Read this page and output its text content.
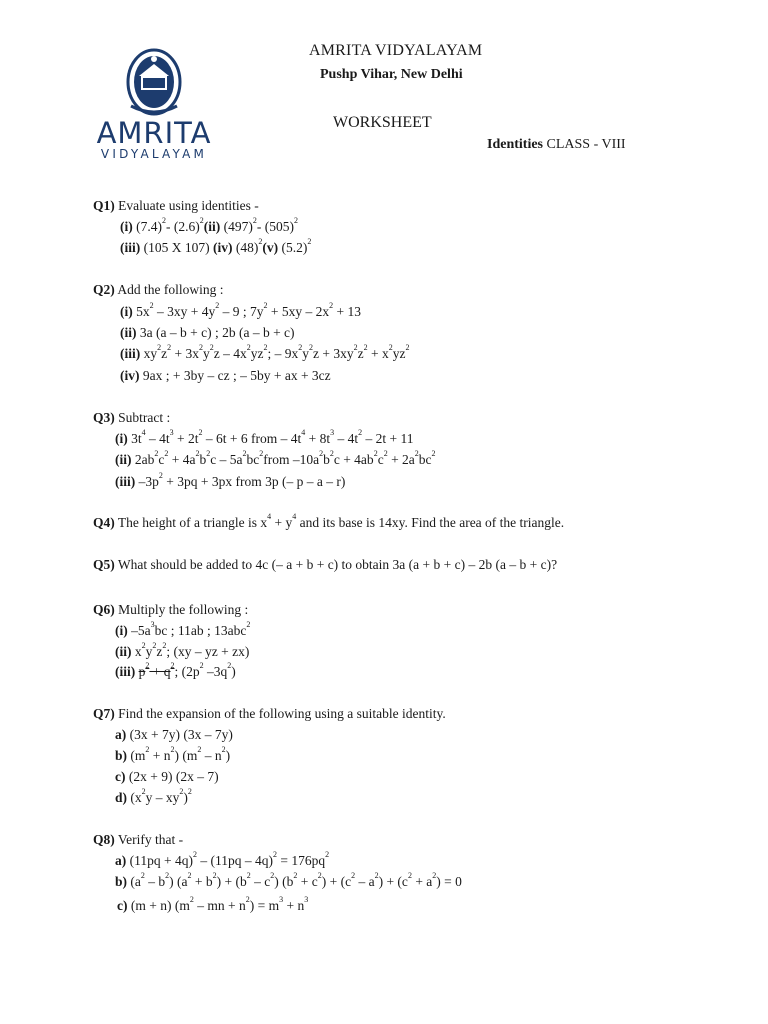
AMRITA
VIDYALAYAM
AMRITA VIDYALAYAM
Pushp Vihar, New Delhi
WORKSHEET
Identities CLASS - VIII
Q1) Evaluate using identities -
(i) $(7.4)^2-$ $(2.6)^2(ii)$ $(497)^2-$ $(505)^2$
(iii) (105 X 107) (iv) $(48)^2(v)$ $(5.2)^2$
Q2) Add the following :
(i) $5x^2 - 3xy + 4y^2 - 9$ ; $7y^2 + 5xy - 2x^2 + 13$
(ii) 3a (a – b + c) ; 2b (a – b + c)
(iii) $xy^2z^2 + 3x^2y^2z - 4x^2yz^2$; – $9x^2y^2z + 3xy^2z^2 + x^2yz^2$
(iv) 9ax ; + 3by – cz ; – 5by + ax + 3cz
Q3) Subtract :
(i) $3t^4 - 4t^3 + 2t^2 - 6t + 6$ from – $4t^4 + 8t^3 - 4t^2 - 2t + 11$
(ii) $2ab^2c^2 + 4a^2b^2c$ – $5a^2bc^2from$ $-10a^2b^2c + 4ab^2c^2 + 2a^2bc^2$
(iii) $-3p^2 + 3pq + 3px$ from 3p (– p – a – r)
Q4) The height of a triangle is $x^4 + y^4$ and its base is 14xy. Find the area of the triangle.
Q5) What should be added to 4c (– a + b + c) to obtain 3a (a + b + c) – 2b (a – b + c)?
Q6) Multiply the following :
(i) $-5a^3bc$ ; 11ab ; 13abc$^2$
(ii) $x^2y^2z^2$; (xy – yz + zx)
(iii) $p^2 + q^2$; ($2p^2$ $-3q^2$)
Q7) Find the expansion of the following using a suitable identity.
a) (3x + 7y) (3x – 7y)
b) $(m^2 + n^2)$ $(m^2 - n^2)$
c) (2x + 9) (2x – 7)
d) $(x^2y - xy^2)^2$
Q8) Verify that -
a) $(11pq + 4q)^2 - (11pq - 4q)^2 = 176pq^2$
b) $(a^2 - b^2) (a^2 + b^2) + (b^2 - c^2) (b^2 + c^2) + (c^2 - a^2) + (c^2 + a^2) = 0$
c) (m + n) ($m^2$ – mn + $n^2) = m^3 + n^3$
